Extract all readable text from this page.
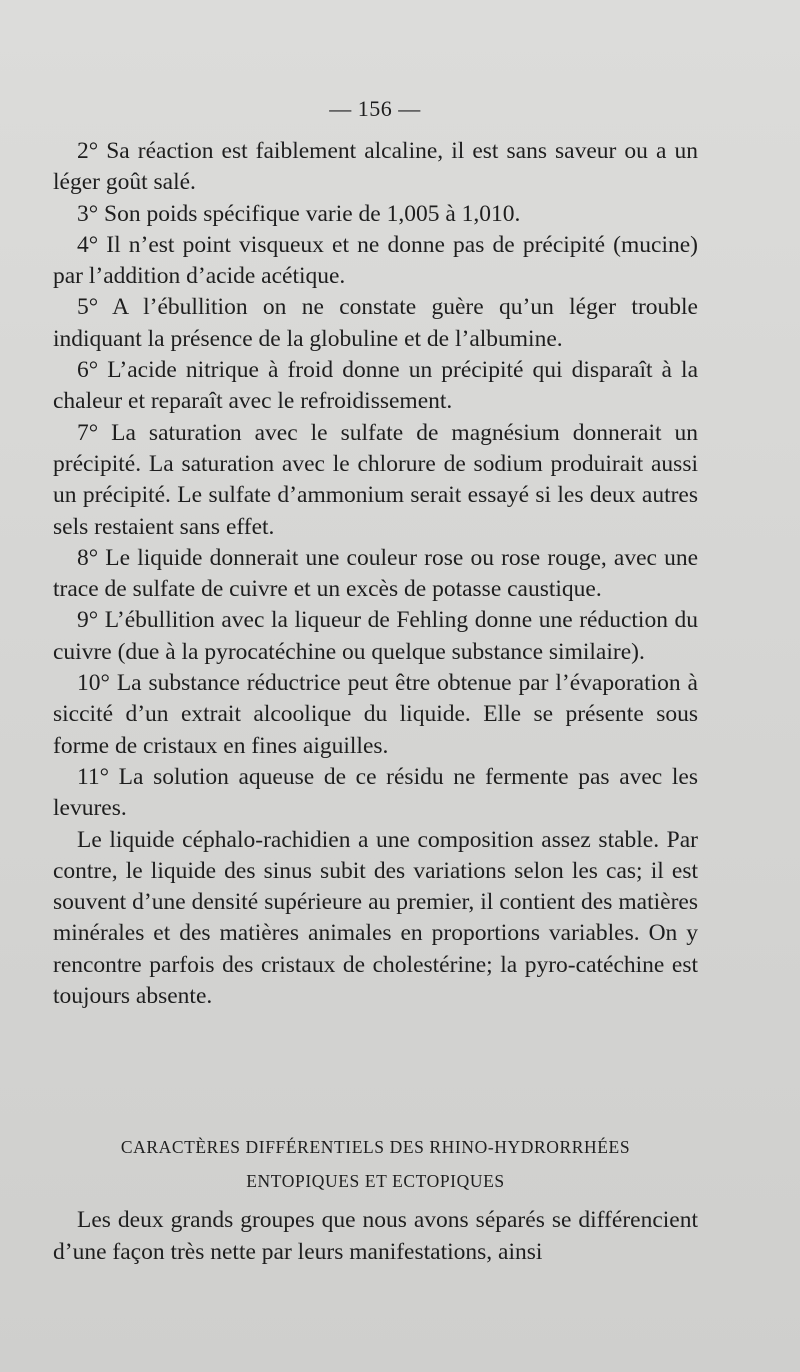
— 156 —

2° Sa réaction est faiblement alcaline, il est sans saveur ou a un léger goût salé.

3° Son poids spécifique varie de 1,005 à 1,010.

4° Il n’est point visqueux et ne donne pas de précipité (mucine) par l’addition d’acide acétique.

5° A l’ébullition on ne constate guère qu’un léger trouble indiquant la présence de la globuline et de l’albumine.

6° L’acide nitrique à froid donne un précipité qui disparaît à la chaleur et reparaît avec le refroidissement.

7° La saturation avec le sulfate de magnésium donnerait un précipité. La saturation avec le chlorure de sodium produirait aussi un précipité. Le sulfate d’ammonium serait essayé si les deux autres sels restaient sans effet.

8° Le liquide donnerait une couleur rose ou rose rouge, avec une trace de sulfate de cuivre et un excès de potasse caustique.

9° L’ébullition avec la liqueur de Fehling donne une réduction du cuivre (due à la pyrocatéchine ou quelque substance similaire).

10° La substance réductrice peut être obtenue par l’évaporation à siccité d’un extrait alcoolique du liquide. Elle se présente sous forme de cristaux en fines aiguilles.

11° La solution aqueuse de ce résidu ne fermente pas avec les levures.

Le liquide céphalo-rachidien a une composition assez stable. Par contre, le liquide des sinus subit des variations selon les cas; il est souvent d’une densité supérieure au premier, il contient des matières minérales et des matières animales en proportions variables. On y rencontre parfois des cristaux de cholestérine; la pyro-catéchine est toujours absente.

CARACTÈRES DIFFÉRENTIELS DES RHINO-HYDRORRHÉES
ENTOPIQUES ET ECTOPIQUES

Les deux grands groupes que nous avons séparés se différencient d’une façon très nette par leurs manifestations, ainsi
